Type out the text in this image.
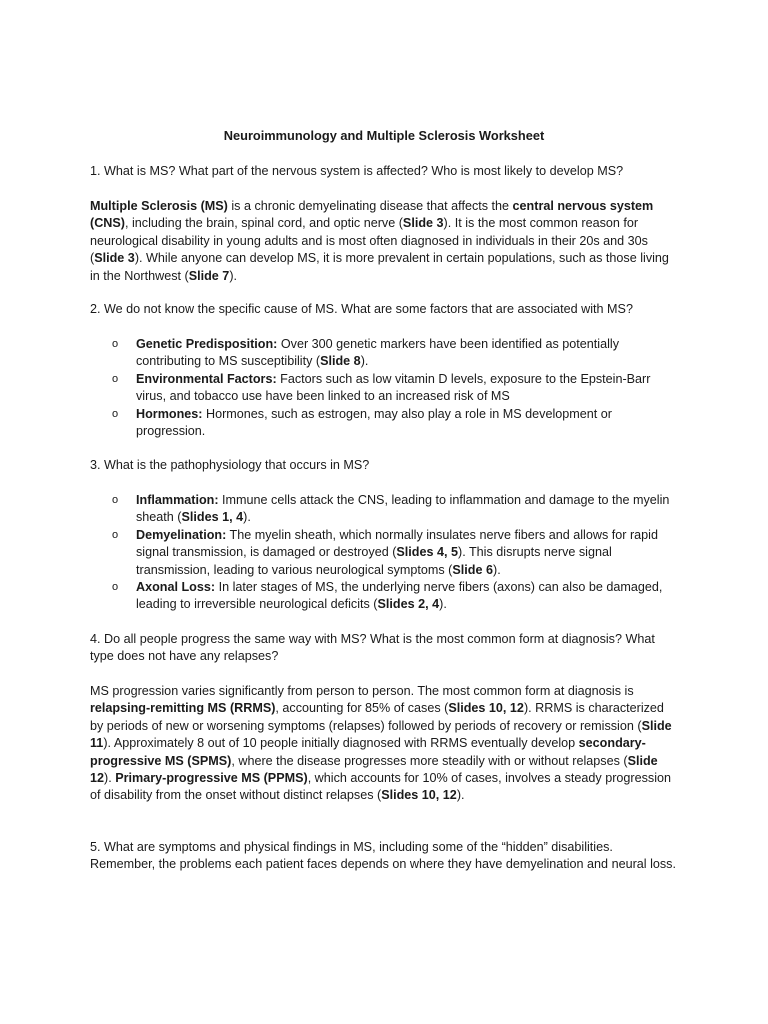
Neuroimmunology and Multiple Sclerosis Worksheet

1. What is MS? What part of the nervous system is affected? Who is most likely to develop MS?

Multiple Sclerosis (MS) is a chronic demyelinating disease that affects the central nervous system (CNS), including the brain, spinal cord, and optic nerve (Slide 3). It is the most common reason for neurological disability in young adults and is most often diagnosed in individuals in their 20s and 30s (Slide 3). While anyone can develop MS, it is more prevalent in certain populations, such as those living in the Northwest (Slide 7).

2. We do not know the specific cause of MS. What are some factors that are associated with MS?

o Genetic Predisposition: Over 300 genetic markers have been identified as potentially contributing to MS susceptibility (Slide 8).
o Environmental Factors: Factors such as low vitamin D levels, exposure to the Epstein-Barr virus, and tobacco use have been linked to an increased risk of MS
o Hormones: Hormones, such as estrogen, may also play a role in MS development or progression.

3. What is the pathophysiology that occurs in MS?

o Inflammation: Immune cells attack the CNS, leading to inflammation and damage to the myelin sheath (Slides 1, 4).
o Demyelination: The myelin sheath, which normally insulates nerve fibers and allows for rapid signal transmission, is damaged or destroyed (Slides 4, 5). This disrupts nerve signal transmission, leading to various neurological symptoms (Slide 6).
o Axonal Loss: In later stages of MS, the underlying nerve fibers (axons) can also be damaged, leading to irreversible neurological deficits (Slides 2, 4).

4. Do all people progress the same way with MS? What is the most common form at diagnosis? What type does not have any relapses?

MS progression varies significantly from person to person. The most common form at diagnosis is relapsing-remitting MS (RRMS), accounting for 85% of cases (Slides 10, 12). RRMS is characterized by periods of new or worsening symptoms (relapses) followed by periods of recovery or remission (Slide 11). Approximately 8 out of 10 people initially diagnosed with RRMS eventually develop secondary-progressive MS (SPMS), where the disease progresses more steadily with or without relapses (Slide 12). Primary-progressive MS (PPMS), which accounts for 10% of cases, involves a steady progression of disability from the onset without distinct relapses (Slides 10, 12).

5. What are symptoms and physical findings in MS, including some of the “hidden” disabilities. Remember, the problems each patient faces depends on where they have demyelination and neural loss.
